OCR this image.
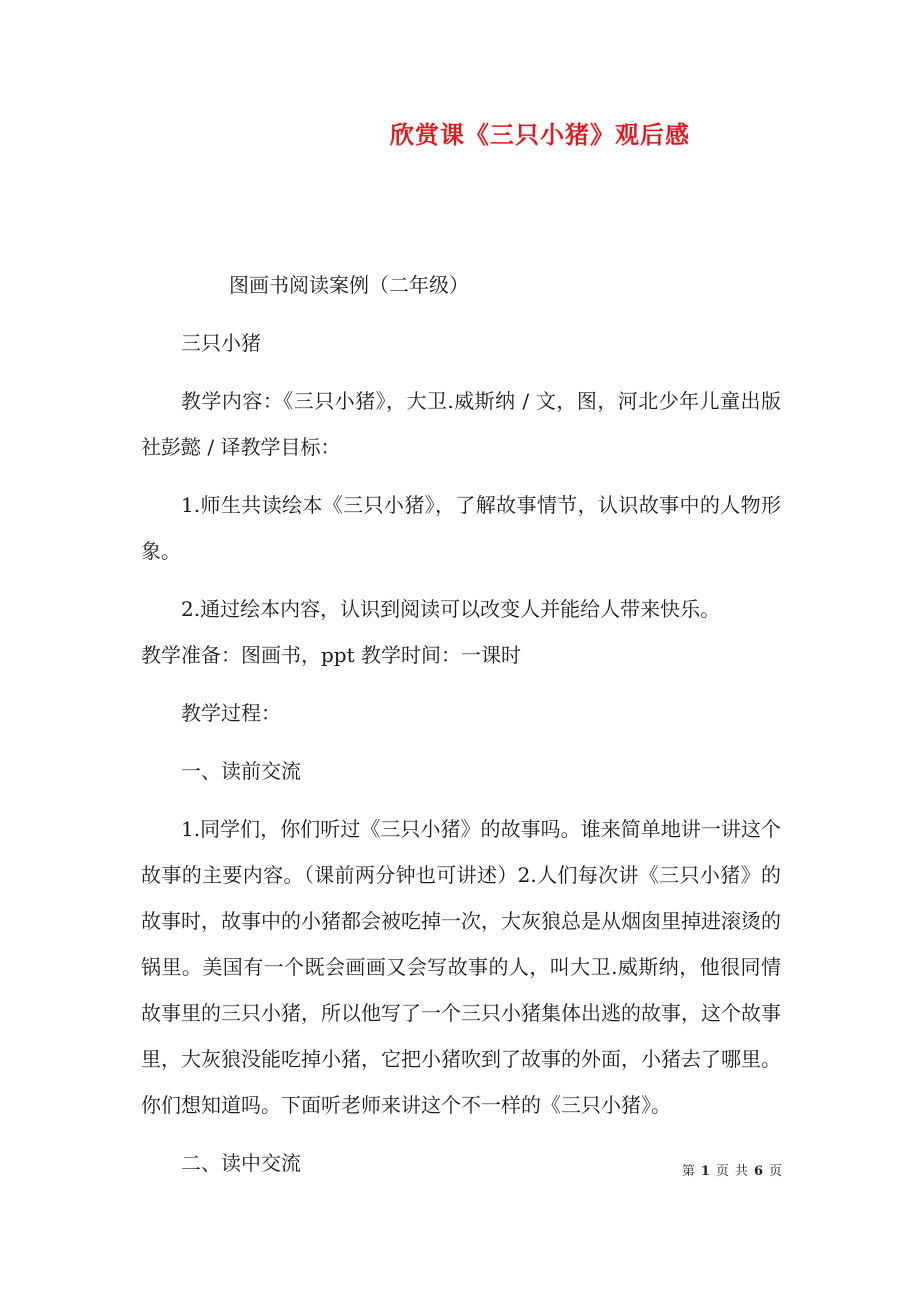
欣赏课《三只小猪》观后感

图画书阅读案例（二年级）

三只小猪

教学内容：《三只小猪》，大卫.威斯纳 / 文，图，河北少年儿童出版社彭懿 / 译教学目标：

1.师生共读绘本《三只小猪》，了解故事情节，认识故事中的人物形象。

2.通过绘本内容，认识到阅读可以改变人并能给人带来快乐。

教学准备：图画书，ppt 教学时间：一课时

教学过程：

一、读前交流

1.同学们，你们听过《三只小猪》的故事吗。谁来简单地讲一讲这个故事的主要内容。（课前两分钟也可讲述）2.人们每次讲《三只小猪》的故事时，故事中的小猪都会被吃掉一次，大灰狼总是从烟囱里掉进滚烫的锅里。美国有一个既会画画又会写故事的人，叫大卫.威斯纳，他很同情故事里的三只小猪，所以他写了一个三只小猪集体出逃的故事，这个故事里，大灰狼没能吃掉小猪，它把小猪吹到了故事的外面，小猪去了哪里。你们想知道吗。下面听老师来讲这个不一样的《三只小猪》。

二、读中交流	第 1 页 共 6 页
